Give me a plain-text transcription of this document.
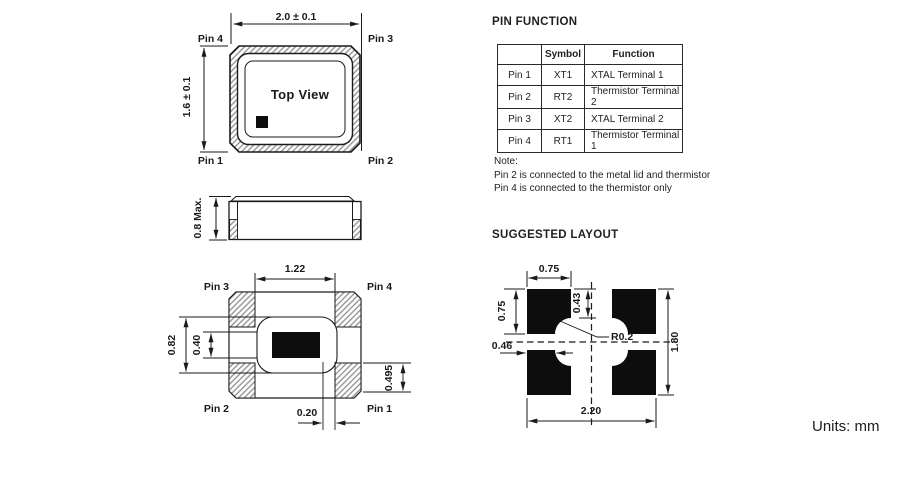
2.0 ± 0.1
1.6 ± 0.1	Top View
Pin 4	Pin 3
Pin 1	Pin 2
0.8 Max.
1.22
0.82 0.40
0.495
0.20
Pin 3	Pin 4
Pin 2	Pin 1
0.75
0.75	0.43
0.46
R0.2	1.80
2.20
PIN FUNCTION
	Symbol	Function
Pin 1	XT1	XTAL Terminal 1
Pin 2	RT2	Thermistor Terminal 2
Pin 3	XT2	XTAL Terminal 2
Pin 4	RT1	Thermistor Terminal 1
Note:
Pin 2 is connected to the metal lid and thermistor
Pin 4 is connected to the thermistor only
SUGGESTED LAYOUT
Units: mm
